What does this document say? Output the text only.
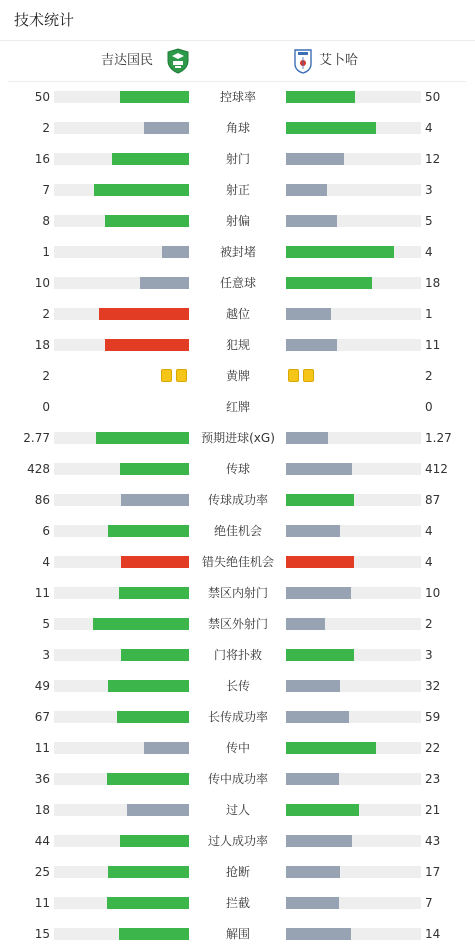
技术统计
吉达国民	艾卜哈
50	控球率	50
2	角球	4
16	射门	12
7	射正	3
8	射偏	5
1	被封堵	4
10	任意球	18
2	越位	1
18	犯规	11
2	黄牌	2
0	红牌	0
2.77	预期进球(xG)	1.27
428	传球	412
86	传球成功率	87
6	绝佳机会	4
4	错失绝佳机会	4
11	禁区内射门	10
5	禁区外射门	2
3	门将扑救	3
49	长传	32
67	长传成功率	59
11	传中	22
36	传中成功率	23
18	过人	21
44	过人成功率	43
25	抢断	17
11	拦截	7
15	解围	14
